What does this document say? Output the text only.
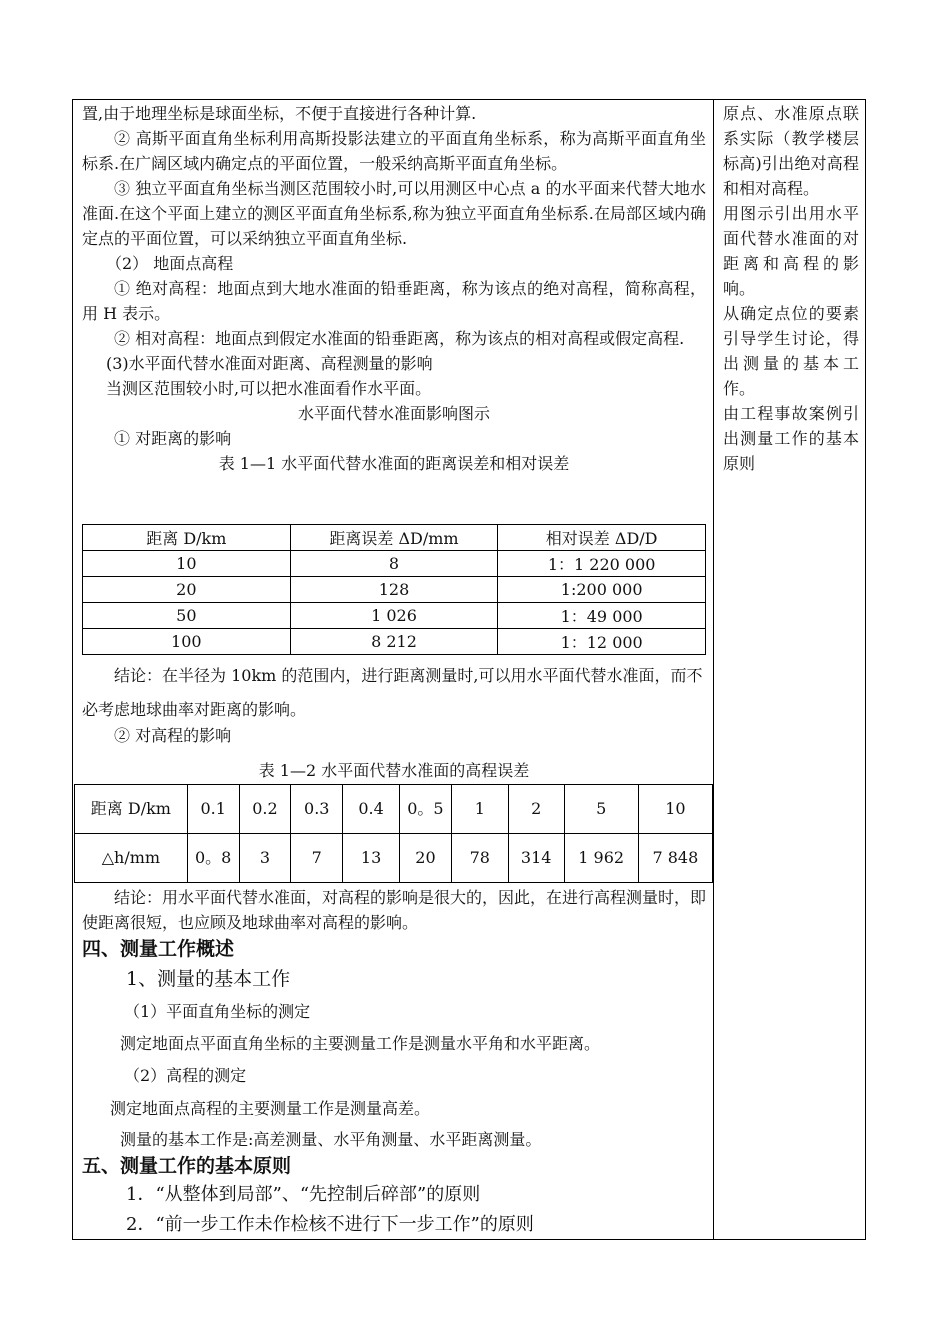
置,由于地理坐标是球面坐标，不便于直接进行各种计算.

② 高斯平面直角坐标利用高斯投影法建立的平面直角坐标系，称为高斯平面直角坐标系.在广阔区域内确定点的平面位置，一般采纳高斯平面直角坐标。

③ 独立平面直角坐标当测区范围较小时,可以用测区中心点 a 的水平面来代替大地水准面.在这个平面上建立的测区平面直角坐标系,称为独立平面直角坐标系.在局部区域内确定点的平面位置，可以采纳独立平面直角坐标.

（2） 地面点高程

① 绝对高程：地面点到大地水准面的铅垂距离，称为该点的绝对高程，简称高程，用 H 表示。

② 相对高程：地面点到假定水准面的铅垂距离，称为该点的相对高程或假定高程.

(3)水平面代替水准面对距离、高程测量的影响

当测区范围较小时,可以把水准面看作水平面。

水平面代替水准面影响图示

① 对距离的影响

表 1—1 水平面代替水准面的距离误差和相对误差

距离 D/km	距离误差 ΔD/mm	相对误差 ΔD/D
10	8	1：1 220 000
20	128	1:200 000
50	1 026	1：49 000
100	8 212	1：12 000

结论：在半径为 10km 的范围内，进行距离测量时,可以用水平面代替水准面，而不必考虑地球曲率对距离的影响。

② 对高程的影响

表 1—2 水平面代替水准面的高程误差

距离 D/km	0.1	0.2	0.3	0.4	0。5	1	2	5	10
△h/mm	0。8	3	7	13	20	78	314	1 962	7 848

结论：用水平面代替水准面，对高程的影响是很大的，因此，在进行高程测量时，即使距离很短，也应顾及地球曲率对高程的影响。

四、测量工作概述

1、测量的基本工作

（1）平面直角坐标的测定

测定地面点平面直角坐标的主要测量工作是测量水平角和水平距离。

（2）高程的测定

测定地面点高程的主要测量工作是测量高差。

测量的基本工作是:高差测量、水平角测量、水平距离测量。

五、测量工作的基本原则

1．“从整体到局部”、“先控制后碎部”的原则

2．“前一步工作未作检核不进行下一步工作”的原则

原点、水准原点联系实际（教学楼层标高)引出绝对高程和相对高程。

用图示引出用水平面代替水准面的对距离和高程的影响。

从确定点位的要素引导学生讨论，得出测量的基本工作。

由工程事故案例引出测量工作的基本原则
